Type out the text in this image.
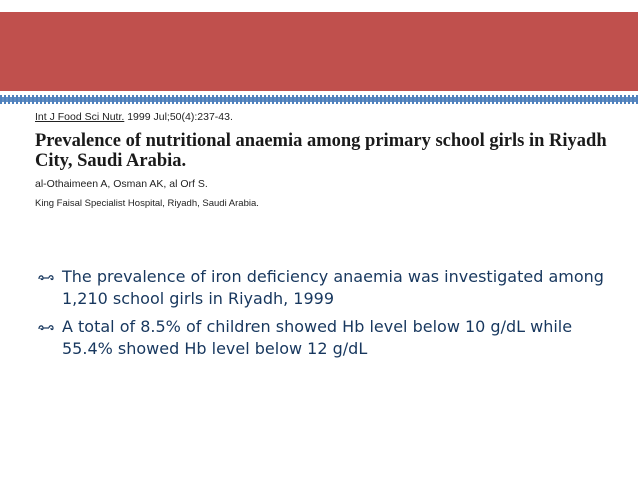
Int J Food Sci Nutr. 1999 Jul;50(4):237-43.
Prevalence of nutritional anaemia among primary school girls in Riyadh City, Saudi Arabia.
al-Othaimeen A, Osman AK, al Orf S.
King Faisal Specialist Hospital, Riyadh, Saudi Arabia.
The prevalence of iron deficiency anaemia was investigated among 1,210 school girls in Riyadh, 1999
A total of 8.5% of children showed Hb level below 10 g/dL while 55.4% showed Hb level below 12 g/dL
